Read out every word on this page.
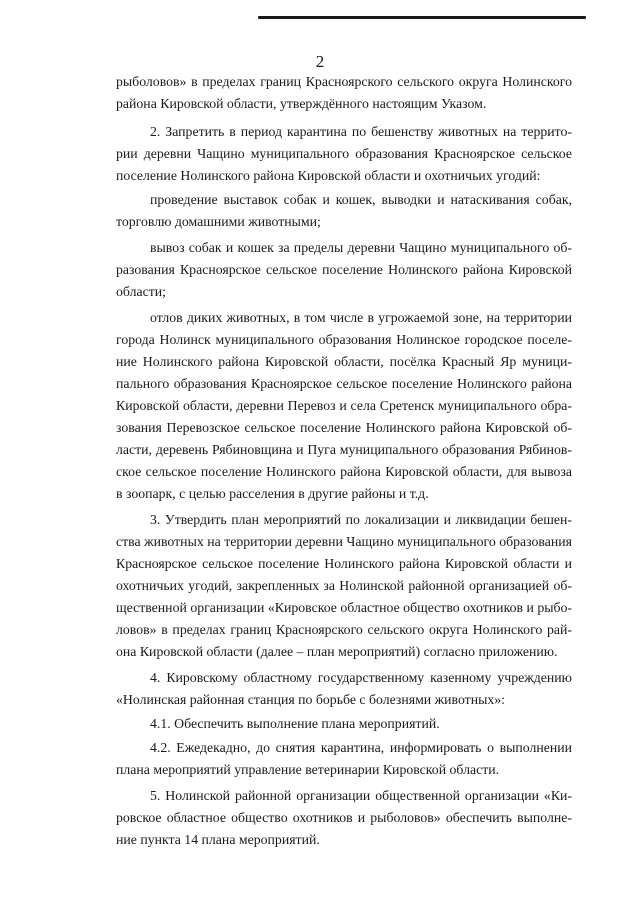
2
рыболовов» в пределах границ Красноярского сельского округа Нолинского
района Кировской области, утверждённого настоящим Указом.
2. Запретить в период карантина по бешенству животных на террито-
рии деревни Чащино муниципального образования Красноярское сельское
поселение Нолинского района Кировской области и охотничьих угодий:
проведение выставок собак и кошек, выводки и натаскивания собак,
торговлю домашними животными;
вывоз собак и кошек за пределы деревни Чащино муниципального об-
разования Красноярское сельское поселение Нолинского района Кировской
области;
отлов диких животных, в том числе в угрожаемой зоне, на территории
города Нолинск муниципального образования Нолинское городское поселе-
ние Нолинского района Кировской области, посёлка Красный Яр муници-
пального образования Красноярское сельское поселение Нолинского района
Кировской области, деревни Перевоз и села Сретенск муниципального обра-
зования Перевозское сельское поселение Нолинского района Кировской об-
ласти, деревень Рябиновщина и Пуга муниципального образования Рябинов-
ское сельское поселение Нолинского района Кировской области, для вывоза
в зоопарк, с целью расселения в другие районы и т.д.
3. Утвердить план мероприятий по локализации и ликвидации бешен-
ства животных на территории деревни Чащино муниципального образования
Красноярское сельское поселение Нолинского района Кировской области и
охотничьих угодий, закрепленных за Нолинской районной организацией об-
щественной организации «Кировское областное общество охотников и рыбо-
ловов» в пределах границ Красноярского сельского округа Нолинского рай-
она Кировской области (далее – план мероприятий) согласно приложению.
4. Кировскому областному государственному казенному учреждению
«Нолинская районная станция по борьбе с болезнями животных»:
4.1. Обеспечить выполнение плана мероприятий.
4.2. Ежедекадно, до снятия карантина, информировать о выполнении
плана мероприятий управление ветеринарии Кировской области.
5. Нолинской районной организации общественной организации «Ки-
ровское областное общество охотников и рыболовов» обеспечить выполне-
ние пункта 14 плана мероприятий.
